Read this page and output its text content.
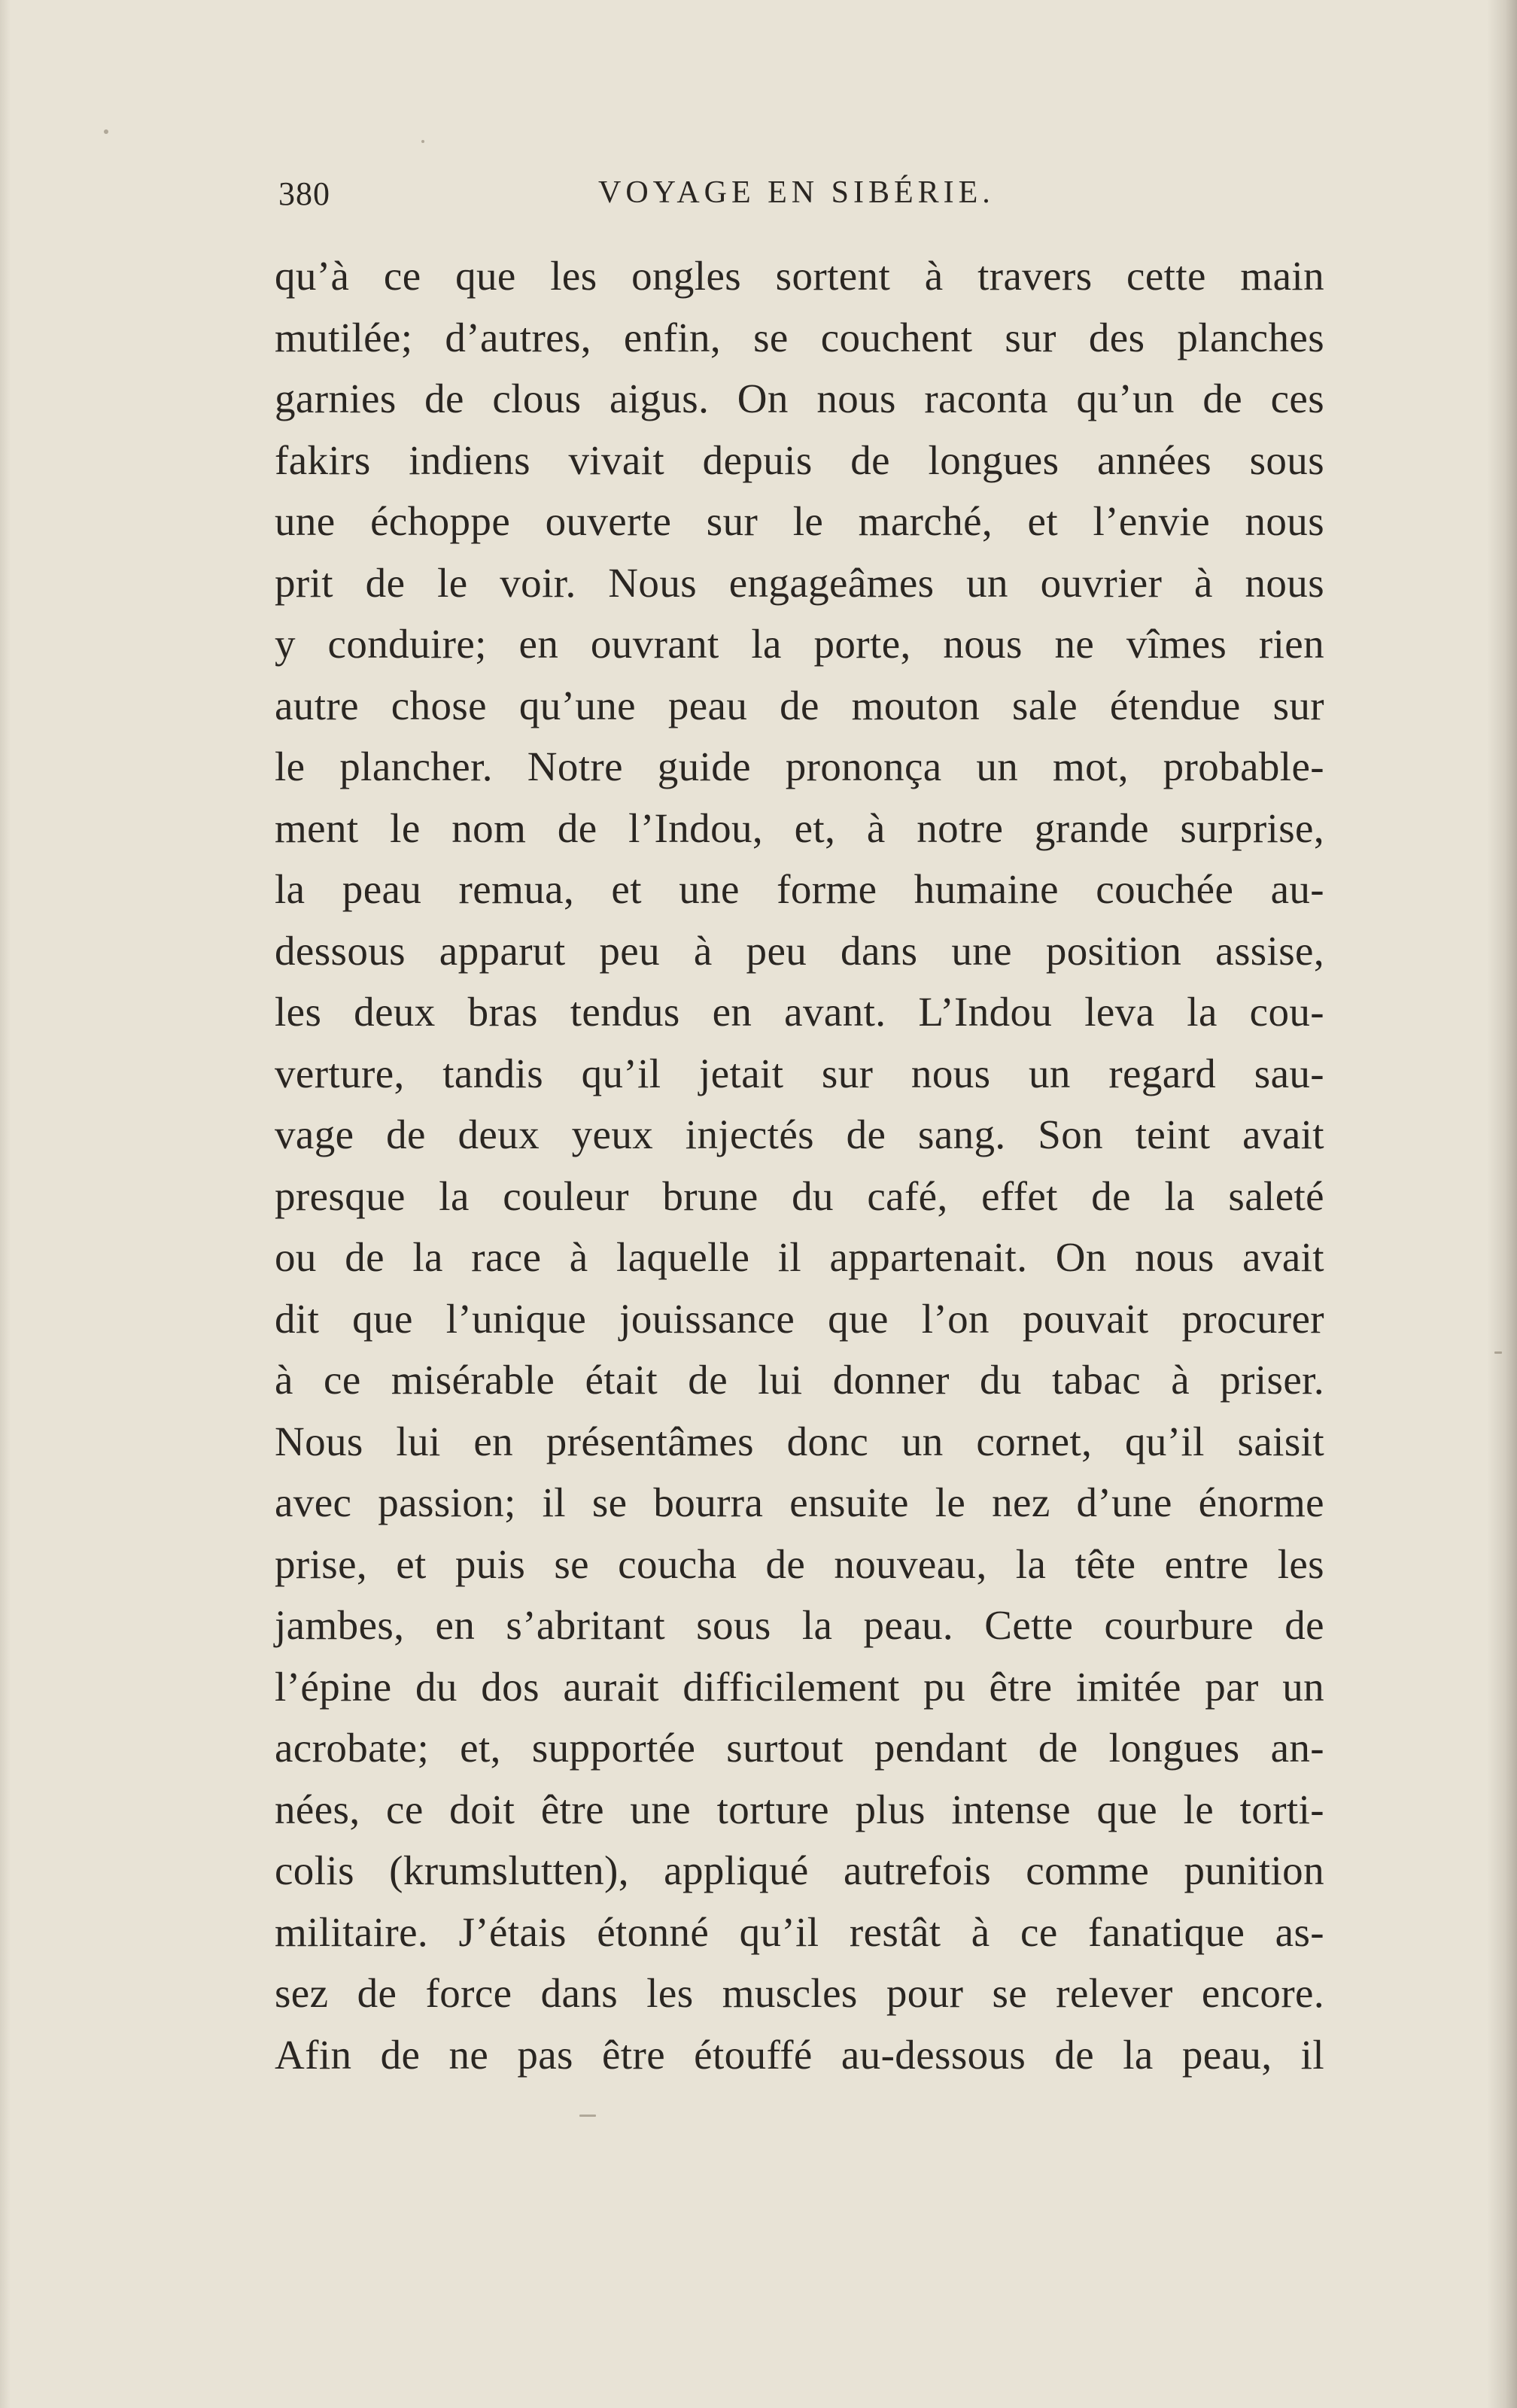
380	VOYAGE EN SIBÉRIE.
qu’à ce que les ongles sortent à travers cette main
mutilée; d’autres, enfin, se couchent sur des planches
garnies de clous aigus. On nous raconta qu’un de ces
fakirs indiens vivait depuis de longues années sous
une échoppe ouverte sur le marché, et l’envie nous
prit de le voir. Nous engageâmes un ouvrier à nous
y conduire; en ouvrant la porte, nous ne vîmes rien
autre chose qu’une peau de mouton sale étendue sur
le plancher. Notre guide prononça un mot, probable-
ment le nom de l’Indou, et, à notre grande surprise,
la peau remua, et une forme humaine couchée au-
dessous apparut peu à peu dans une position assise,
les deux bras tendus en avant. L’Indou leva la cou-
verture, tandis qu’il jetait sur nous un regard sau-
vage de deux yeux injectés de sang. Son teint avait
presque la couleur brune du café, effet de la saleté
ou de la race à laquelle il appartenait. On nous avait
dit que l’unique jouissance que l’on pouvait procurer
à ce misérable était de lui donner du tabac à priser.
Nous lui en présentâmes donc un cornet, qu’il saisit
avec passion; il se bourra ensuite le nez d’une énorme
prise, et puis se coucha de nouveau, la tête entre les
jambes, en s’abritant sous la peau. Cette courbure de
l’épine du dos aurait difficilement pu être imitée par un
acrobate; et, supportée surtout pendant de longues an-
nées, ce doit être une torture plus intense que le torti-
colis (krumslutten), appliqué autrefois comme punition
militaire. J’étais étonné qu’il restât à ce fanatique as-
sez de force dans les muscles pour se relever encore.
Afin de ne pas être étouffé au-dessous de la peau, il
